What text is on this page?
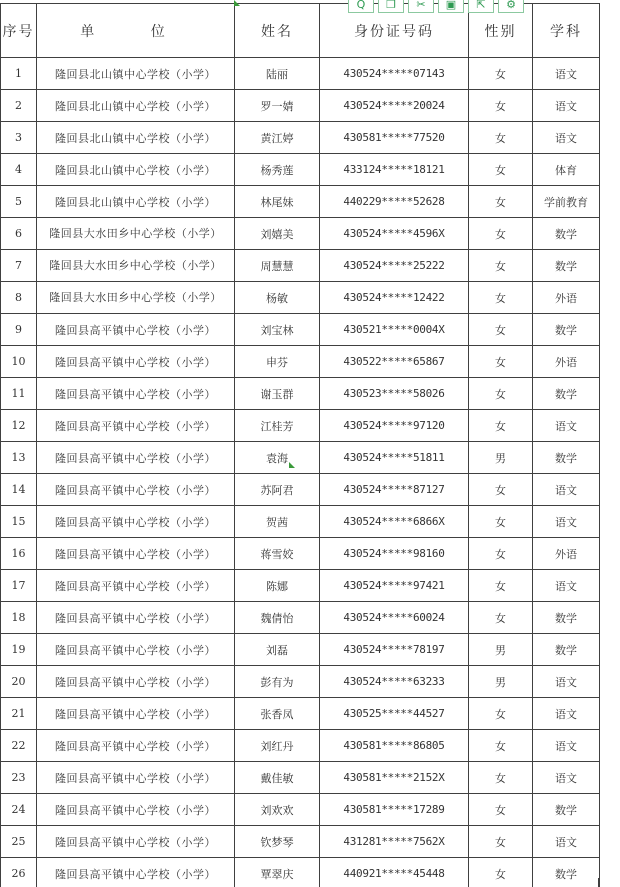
序号	单 位	姓名	身份证号码	性别	学科
1	隆回县北山镇中心学校（小学）	陆丽	430524*****07143	女	语文
2	隆回县北山镇中心学校（小学）	罗一婧	430524*****20024	女	语文
3	隆回县北山镇中心学校（小学）	黄江婷	430581*****77520	女	语文
4	隆回县北山镇中心学校（小学）	杨秀莲	433124*****18121	女	体育
5	隆回县北山镇中心学校（小学）	林尾妹	440229*****52628	女	学前教育
6	隆回县大水田乡中心学校（小学）	刘嬉美	430524*****4596X	女	数学
7	隆回县大水田乡中心学校（小学）	周慧慧	430524*****25222	女	数学
8	隆回县大水田乡中心学校（小学）	杨敏	430524*****12422	女	外语
9	隆回县高平镇中心学校（小学）	刘宝林	430521*****0004X	女	数学
10	隆回县高平镇中心学校（小学）	申芬	430522*****65867	女	外语
11	隆回县高平镇中心学校（小学）	谢玉群	430523*****58026	女	数学
12	隆回县高平镇中心学校（小学）	江桂芳	430524*****97120	女	语文
13	隆回县高平镇中心学校（小学）	袁海	430524*****51811	男	数学
14	隆回县高平镇中心学校（小学）	苏阿君	430524*****87127	女	语文
15	隆回县高平镇中心学校（小学）	贺茜	430524*****6866X	女	语文
16	隆回县高平镇中心学校（小学）	蒋雪姣	430524*****98160	女	外语
17	隆回县高平镇中心学校（小学）	陈娜	430524*****97421	女	语文
18	隆回县高平镇中心学校（小学）	魏倩怡	430524*****60024	女	数学
19	隆回县高平镇中心学校（小学）	刘磊	430524*****78197	男	数学
20	隆回县高平镇中心学校（小学）	彭有为	430524*****63233	男	语文
21	隆回县高平镇中心学校（小学）	张香凤	430525*****44527	女	语文
22	隆回县高平镇中心学校（小学）	刘红丹	430581*****86805	女	语文
23	隆回县高平镇中心学校（小学）	戴佳敏	430581*****2152X	女	语文
24	隆回县高平镇中心学校（小学）	刘欢欢	430581*****17289	女	数学
25	隆回县高平镇中心学校（小学）	钦梦琴	431281*****7562X	女	语文
26	隆回县高平镇中心学校（小学）	覃翠庆	440921*****45448	女	数学
Q ❐ ✂ ▣ ⇱ ⚙
